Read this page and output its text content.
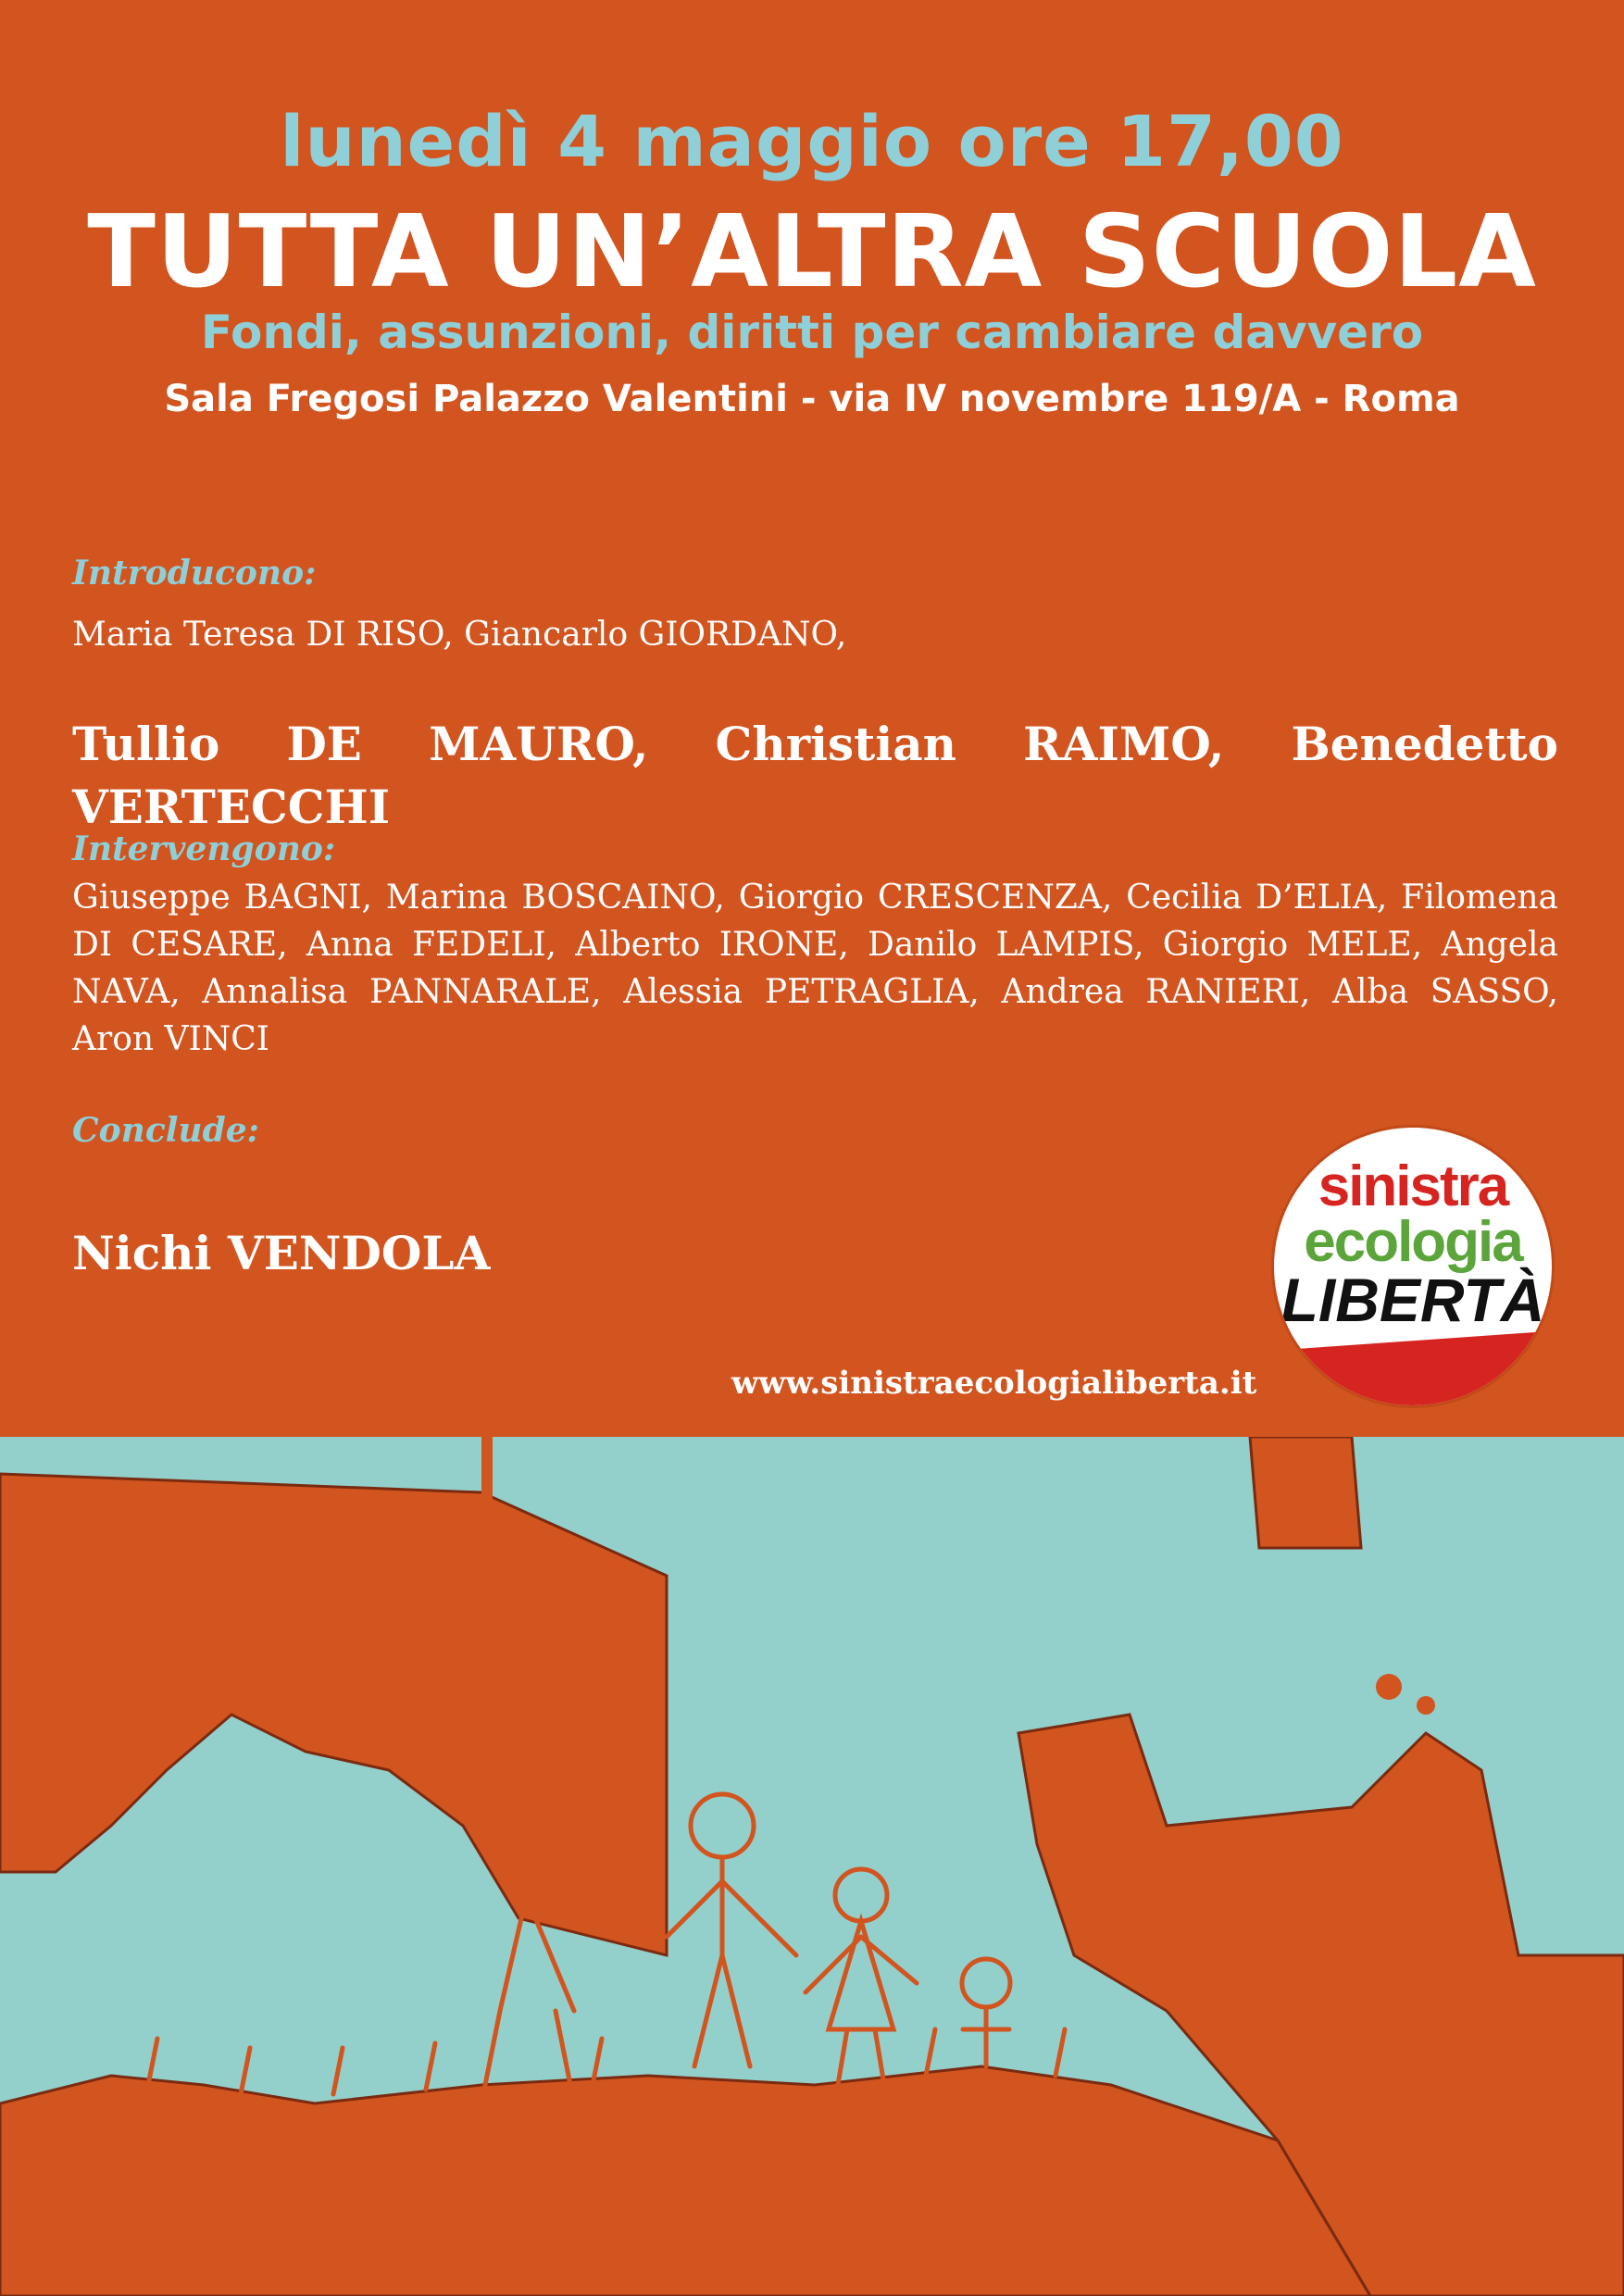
lunedì 4 maggio ore 17,00
TUTTA UN’ALTRA SCUOLA
Fondi, assunzioni, diritti per cambiare davvero
Sala Fregosi Palazzo Valentini - via IV novembre 119/A - Roma
Introducono:
Maria Teresa DI RISO, Giancarlo GIORDANO,
Tullio DE MAURO, Christian RAIMO, Benedetto VERTECCHI
Intervengono:
Giuseppe BAGNI, Marina BOSCAINO, Giorgio CRESCENZA, Cecilia D’ELIA, Filomena DI CESARE, Anna FEDELI, Alberto IRONE, Danilo LAMPIS, Giorgio MELE, Angela NAVA, Annalisa PANNARALE, Alessia PETRAGLIA, Andrea RANIERI, Alba SASSO, Aron VINCI
Conclude:
Nichi VENDOLA
www.sinistraecologialiberta.it
sinistra
ecologia
LIBERTÀ
